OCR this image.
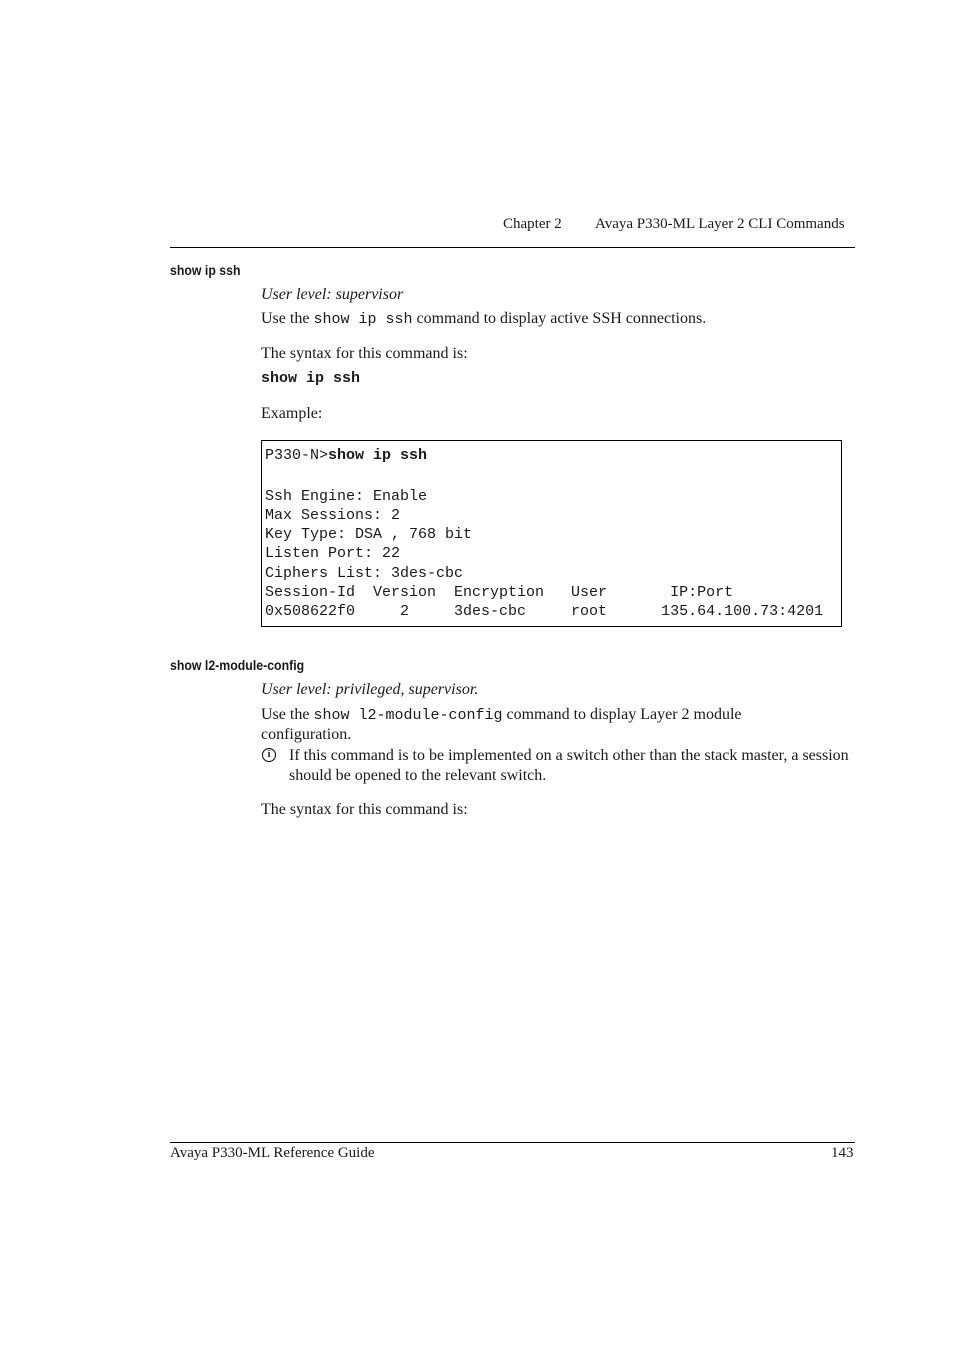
Chapter 2 Avaya P330-ML Layer 2 CLI Commands
show ip ssh
User level: supervisor
Use the show ip ssh command to display active SSH connections.
The syntax for this command is:
show ip ssh
Example:
P330-N>show ip ssh
Ssh Engine: Enable
Max Sessions: 2
Key Type: DSA , 768 bit
Listen Port: 22
Ciphers List: 3des-cbc
Session-Id  Version  Encryption   User       IP:Port
0x508622f0     2     3des-cbc     root      135.64.100.73:4201
show l2-module-config
User level: privileged, supervisor.
Use the show l2-module-config command to display Layer 2 module configuration.
i	If this command is to be implemented on a switch other than the stack master, a session should be opened to the relevant switch.
The syntax for this command is:
Avaya P330-ML Reference Guide	143
